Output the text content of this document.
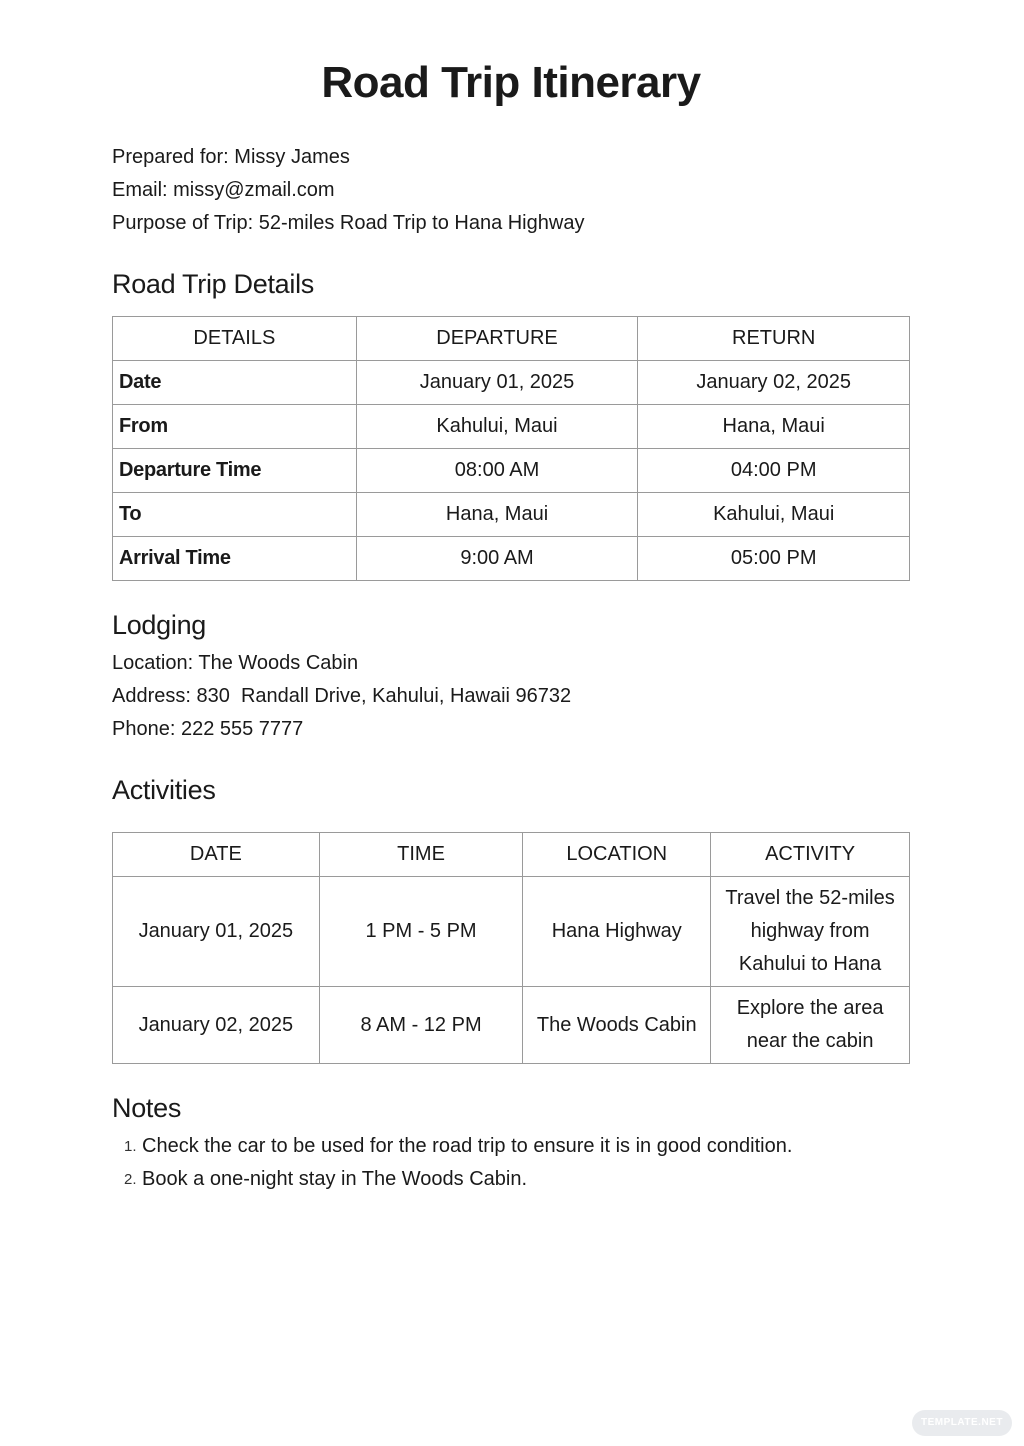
Road Trip Itinerary
Prepared for: Missy James
Email: missy@zmail.com
Purpose of Trip: 52-miles Road Trip to Hana Highway
Road Trip Details
DETAILS	DEPARTURE	RETURN
Date	January 01, 2025	January 02, 2025
From	Kahului, Maui	Hana, Maui
Departure Time	08:00 AM	04:00 PM
To	Hana, Maui	Kahului, Maui
Arrival Time	9:00 AM	05:00 PM
Lodging
Location: The Woods Cabin
Address: 830  Randall Drive, Kahului, Hawaii 96732
Phone: 222 555 7777
Activities
DATE	TIME	LOCATION	ACTIVITY
January 01, 2025	1 PM - 5 PM	Hana Highway	Travel the 52-miles highway from Kahului to Hana
January 02, 2025	8 AM - 12 PM	The Woods Cabin	Explore the area near the cabin
Notes
1. Check the car to be used for the road trip to ensure it is in good condition.
2. Book a one-night stay in The Woods Cabin.
TEMPLATE.NET
